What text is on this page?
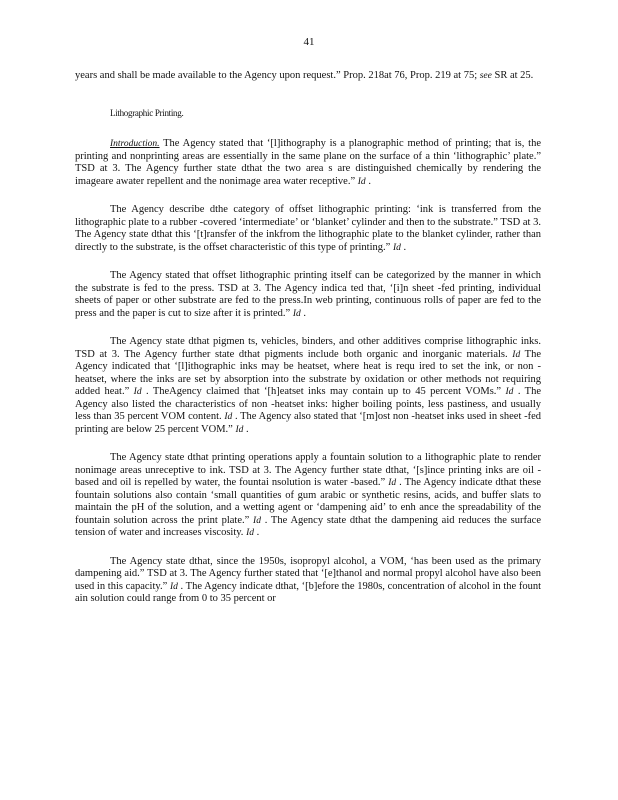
41

years and shall be made available to the Agency upon request.” Prop. 218at 76, Prop. 219 at 75; see SR at 25.

Lithographic Printing.

Introduction. The Agency stated that ‘[l]ithography is a planographic method of printing; that is, the printing and nonprinting areas are essentially in the same plane on the surface of a thin ‘lithographic’ plate.” TSD at 3. The Agency further state dthat the two area s are distinguished chemically by rendering the imageare awater repellent and the nonimage area water receptive.” Id .

The Agency describe dthe category of offset lithographic printing: ‘ink is transferred from the lithographic plate to a rubber -covered ‘intermediate’ or ‘blanket’ cylinder and then to the substrate.” TSD at 3. The Agency state dthat this ‘[t]ransfer of the inkfrom the lithographic plate to the blanket cylinder, rather than directly to the substrate, is the offset characteristic of this type of printing.” Id .

The Agency stated that offset lithographic printing itself can be categorized by the manner in which the substrate is fed to the press. TSD at 3. The Agency indica ted that, ‘[i]n sheet -fed printing, individual sheets of paper or other substrate are fed to the press.In web printing, continuous rolls of paper are fed to the press and the paper is cut to size after it is printed.” Id .

The Agency state dthat pigmen ts, vehicles, binders, and other additives comprise lithographic inks. TSD at 3. The Agency further state dthat pigments include both organic and inorganic materials. Id The Agency indicated that ‘[l]ithographic inks may be heatset, where heat is requ ired to set the ink, or non -heatset, where the inks are set by absorption into the substrate by oxidation or other methods not requiring added heat.” Id . TheAgency claimed that ‘[h]eatset inks may contain up to 45 percent VOMs.” Id . The Agency also listed the characteristics of non -heatset inks: higher boiling points, less pastiness, and usually less than 35 percent VOM content. Id . The Agency also stated that ‘[m]ost non -heatset inks used in sheet -fed printing are below 25 percent VOM.” Id .

The Agency state dthat printing operations apply a fountain solution to a lithographic plate to render nonimage areas unreceptive to ink. TSD at 3. The Agency further state dthat, ‘[s]ince printing inks are oil -based and oil is repelled by water, the fountai nsolution is water -based.” Id . The Agency indicate dthat these fountain solutions also contain ‘small quantities of gum arabic or synthetic resins, acids, and buffer slats to maintain the pH of the solution, and a wetting agent or ‘dampening aid’ to enh ance the spreadability of the fountain solution across the print plate.” Id . The Agency state dthat the dampening aid reduces the surface tension of water and increases viscosity. Id .

The Agency state dthat, since the 1950s, isopropyl alcohol, a VOM, ‘has been used as the primary dampening aid.” TSD at 3. The Agency further stated that ‘[e]thanol and normal propyl alcohol have also been used in this capacity.” Id . The Agency indicate dthat, ‘[b]efore the 1980s, concentration of alcohol in the fount ain solution could range from 0 to 35 percent or
